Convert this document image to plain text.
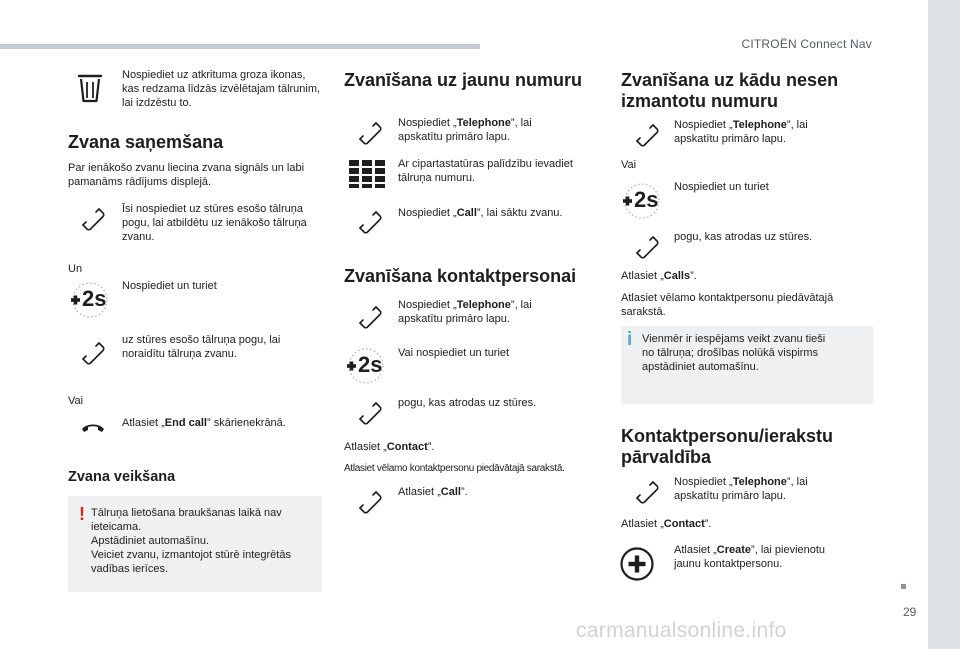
CITROËN Connect Nav
29
carmanualsonline.info
Nospiediet uz atkrituma groza ikonas, kas redzama līdzās izvēlētajam tālrunim, lai izdzēstu to.
Zvana saņemšana
Par ienākošo zvanu liecina zvana signāls un labi pamanāms rādījums displejā.
Īsi nospiediet uz stūres esošo tālruņa pogu, lai atbildētu uz ienākošo tālruņa zvanu.
Un
2s Nospiediet un turiet
uz stūres esošo tālruņa pogu, lai noraidītu tālruņa zvanu.
Vai
Atlasiet „End call” skārienekrānā.
Zvana veikšana
! Tālruņa lietošana braukšanas laikā nav
ieteicama.
Apstādiniet automašīnu.
Veiciet zvanu, izmantojot stūrē integrētās
vadības ierīces.
Zvanīšana uz jaunu numuru
Nospiediet „Telephone”, lai apskatītu primāro lapu.
Ar cipartastatūras palīdzību ievadiet tālruņa numuru.
Nospiediet „Call”, lai sāktu zvanu.
Zvanīšana kontaktpersonai
Nospiediet „Telephone”, lai apskatītu primāro lapu.
2s Vai nospiediet un turiet
pogu, kas atrodas uz stūres.
Atlasiet „Contact”.
Atlasiet vēlamo kontaktpersonu piedāvātajā sarakstā.
Atlasiet „Call”.
Zvanīšana uz kādu nesen
izmantotu numuru
Nospiediet „Telephone”, lai apskatītu primāro lapu.
Vai
2s Nospiediet un turiet
pogu, kas atrodas uz stūres.
Atlasiet „Calls”.
Atlasiet vēlamo kontaktpersonu piedāvātajā sarakstā.
i Vienmēr ir iespējams veikt zvanu tieši
no tālruņa; drošības nolūkā vispirms
apstādiniet automašīnu.
Kontaktpersonu/ierakstu
pārvaldība
Nospiediet „Telephone”, lai apskatītu primāro lapu.
Atlasiet „Contact”.
Atlasiet „Create”, lai pievienotu jaunu kontaktpersonu.
